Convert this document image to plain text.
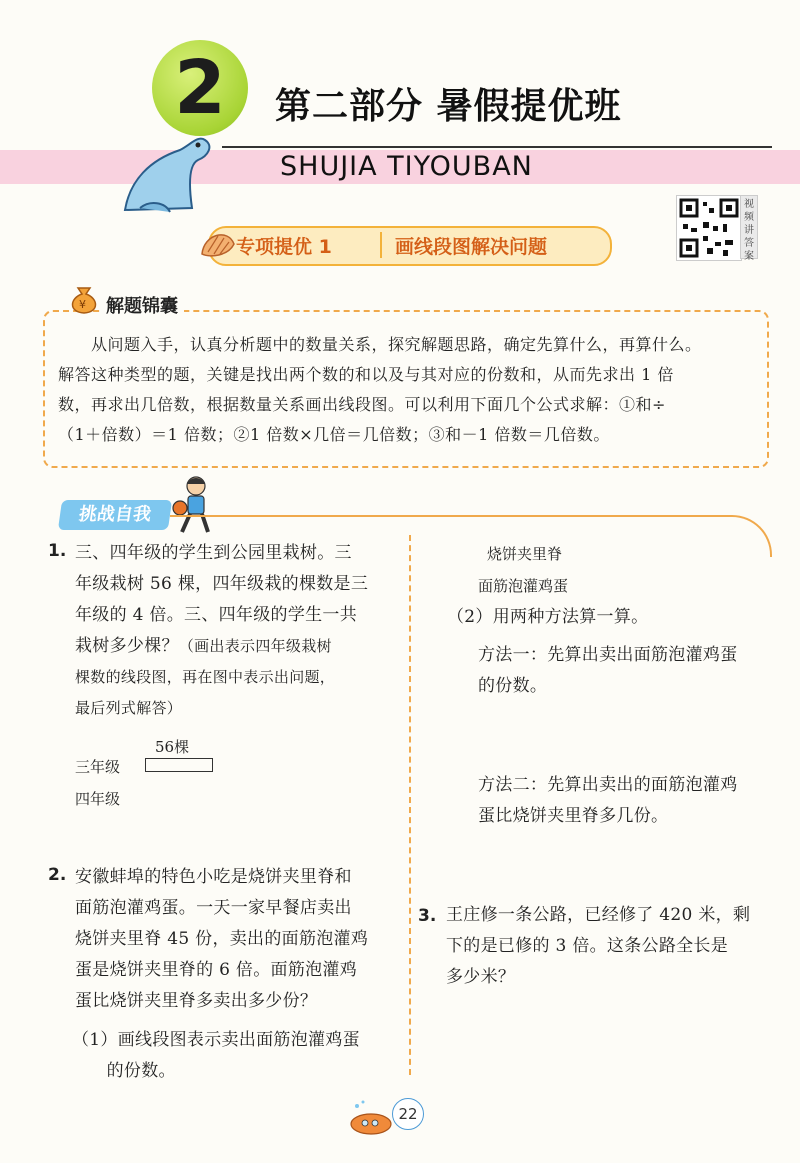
2	第二部分 暑假提优班
SHUJIA TIYOUBAN
专项提优 1	画线段图解决问题
视频讲答案
¥	解题锦囊

　　从问题入手，认真分析题中的数量关系，探究解题思路，确定先算什么，再算什么。

解答这种类型的题，关键是找出两个数的和以及与其对应的份数和，从而先求出 1 倍

数，再求出几倍数，根据数量关系画出线段图。可以利用下面几个公式求解：①和÷

（1＋倍数）＝1 倍数；②1 倍数×几倍＝几倍数；③和－1 倍数＝几倍数。

挑战自我
1. 三、四年级的学生到公园里栽树。三

年级栽树 56 棵，四年级栽的棵数是三

年级的 4 倍。三、四年级的学生一共

栽树多少棵？（画出表示四年级栽树

棵数的线段图，再在图中表示出问题，

最后列式解答）

56棵
三年级
四年级
2. 安徽蚌埠的特色小吃是烧饼夹里脊和

面筋泡灌鸡蛋。一天一家早餐店卖出

烧饼夹里脊 45 份，卖出的面筋泡灌鸡

蛋是烧饼夹里脊的 6 倍。面筋泡灌鸡

蛋比烧饼夹里脊多卖出多少份？

（1）画线段图表示卖出面筋泡灌鸡蛋

　　的份数。

烧饼夹里脊
面筋泡灌鸡蛋
（2）用两种方法算一算。

方法一：先算出卖出面筋泡灌鸡蛋

的份数。

方法二：先算出卖出的面筋泡灌鸡

蛋比烧饼夹里脊多几份。

3. 王庄修一条公路，已经修了 420 米，剩

下的是已修的 3 倍。这条公路全长是

多少米？

22
